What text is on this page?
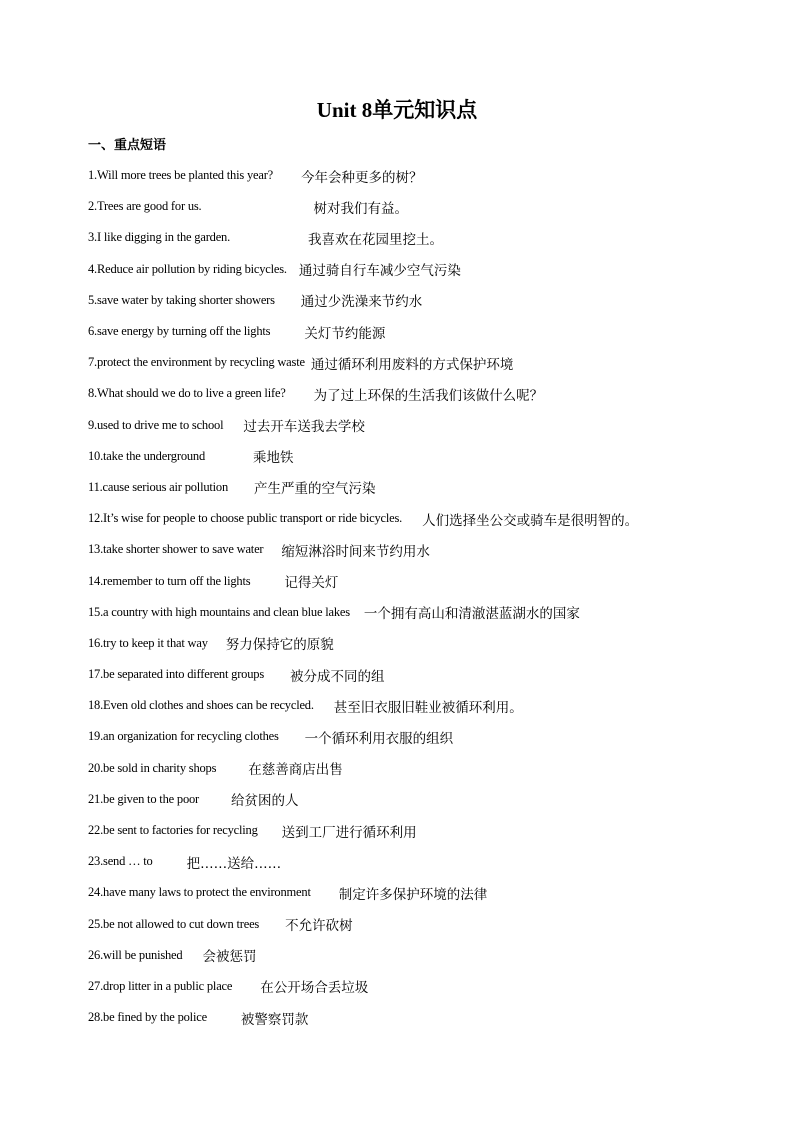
Unit 8单元知识点
一、重点短语
1.Will more trees be planted this year? 今年会种更多的树？
2.Trees are good for us.	树对我们有益。
3.I like digging in the garden.	我喜欢在花园里挖土。
4.Reduce air pollution by riding bicycles. 通过骑自行车减少空气污染
5.save water by taking shorter showers 通过少洗澡来节约水
6.save energy by turning off the lights	关灯节约能源
7.protect the environment by recycling waste 通过循环利用废料的方式保护环境
8.What should we do to live a green life? 为了过上环保的生活我们该做什么呢？
9.used to drive me to school 过去开车送我去学校
10.take the underground	乘地铁
11.cause serious air pollution 产生严重的空气污染
12.It’s wise for people to choose public transport or ride bicycles. 人们选择坐公交或骑车是很明智的。
13.take shorter shower to save water 缩短淋浴时间来节约用水
14.remember to turn off the lights	记得关灯
15.a country with high mountains and clean blue lakes 一个拥有高山和清澈湛蓝湖水的国家
16.try to keep it that way 努力保持它的原貌
17.be separated into different groups 被分成不同的组
18.Even old clothes and shoes can be recycled. 甚至旧衣服旧鞋业被循环利用。
19.an organization for recycling clothes 一个循环利用衣服的组织
20.be sold in charity shops 在慈善商店出售
21.be given to the poor 给贫困的人
22.be sent to factories for recycling 送到工厂进行循环利用
23.send … to	把……送给……
24.have many laws to protect the environment 制定许多保护环境的法律
25.be not allowed to cut down trees 不允许砍树
26.will be punished 会被惩罚
27.drop litter in a public place 在公开场合丢垃圾
28.be fined by the police	被警察罚款
